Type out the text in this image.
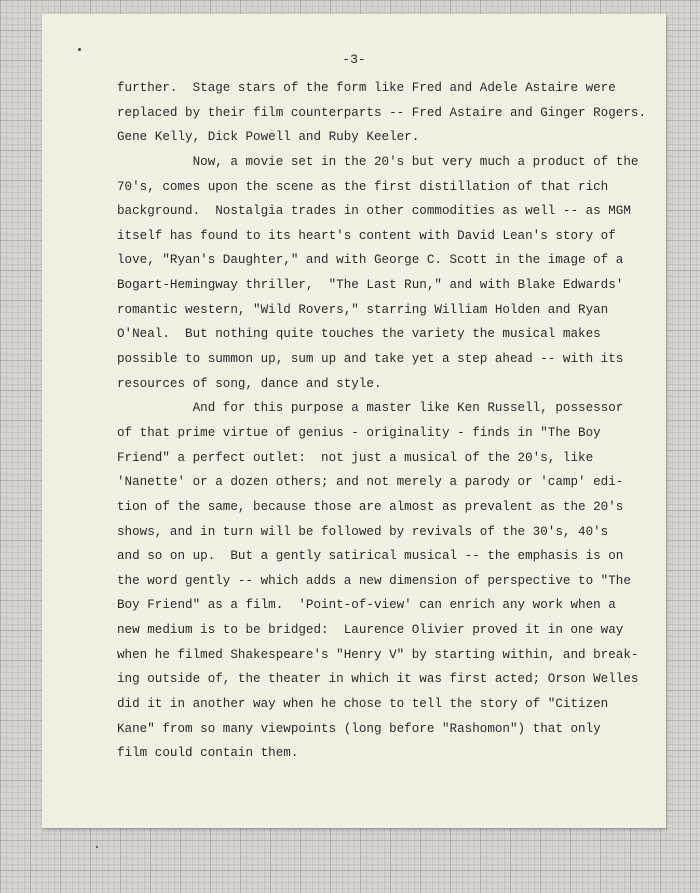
-3-
further.  Stage stars of the form like Fred and Adele Astaire were
replaced by their film counterparts -- Fred Astaire and Ginger Rogers.
Gene Kelly, Dick Powell and Ruby Keeler.
Now, a movie set in the 20's but very much a product of the
70's, comes upon the scene as the first distillation of that rich
background.  Nostalgia trades in other commodities as well -- as MGM
itself has found to its heart's content with David Lean's story of
love, "Ryan's Daughter," and with George C. Scott in the image of a
Bogart-Hemingway thriller,  "The Last Run," and with Blake Edwards'
romantic western, "Wild Rovers," starring William Holden and Ryan
O'Neal.  But nothing quite touches the variety the musical makes
possible to summon up, sum up and take yet a step ahead -- with its
resources of song, dance and style.
And for this purpose a master like Ken Russell, possessor
of that prime virtue of genius - originality - finds in "The Boy
Friend" a perfect outlet:  not just a musical of the 20's, like
'Nanette' or a dozen others; and not merely a parody or 'camp' edi-
tion of the same, because those are almost as prevalent as the 20's
shows, and in turn will be followed by revivals of the 30's, 40's
and so on up.  But a gently satirical musical -- the emphasis is on
the word gently -- which adds a new dimension of perspective to "The
Boy Friend" as a film.  'Point-of-view' can enrich any work when a
new medium is to be bridged:  Laurence Olivier proved it in one way
when he filmed Shakespeare's "Henry V" by starting within, and break-
ing outside of, the theater in which it was first acted; Orson Welles
did it in another way when he chose to tell the story of "Citizen
Kane" from so many viewpoints (long before "Rashomon") that only
film could contain them.
